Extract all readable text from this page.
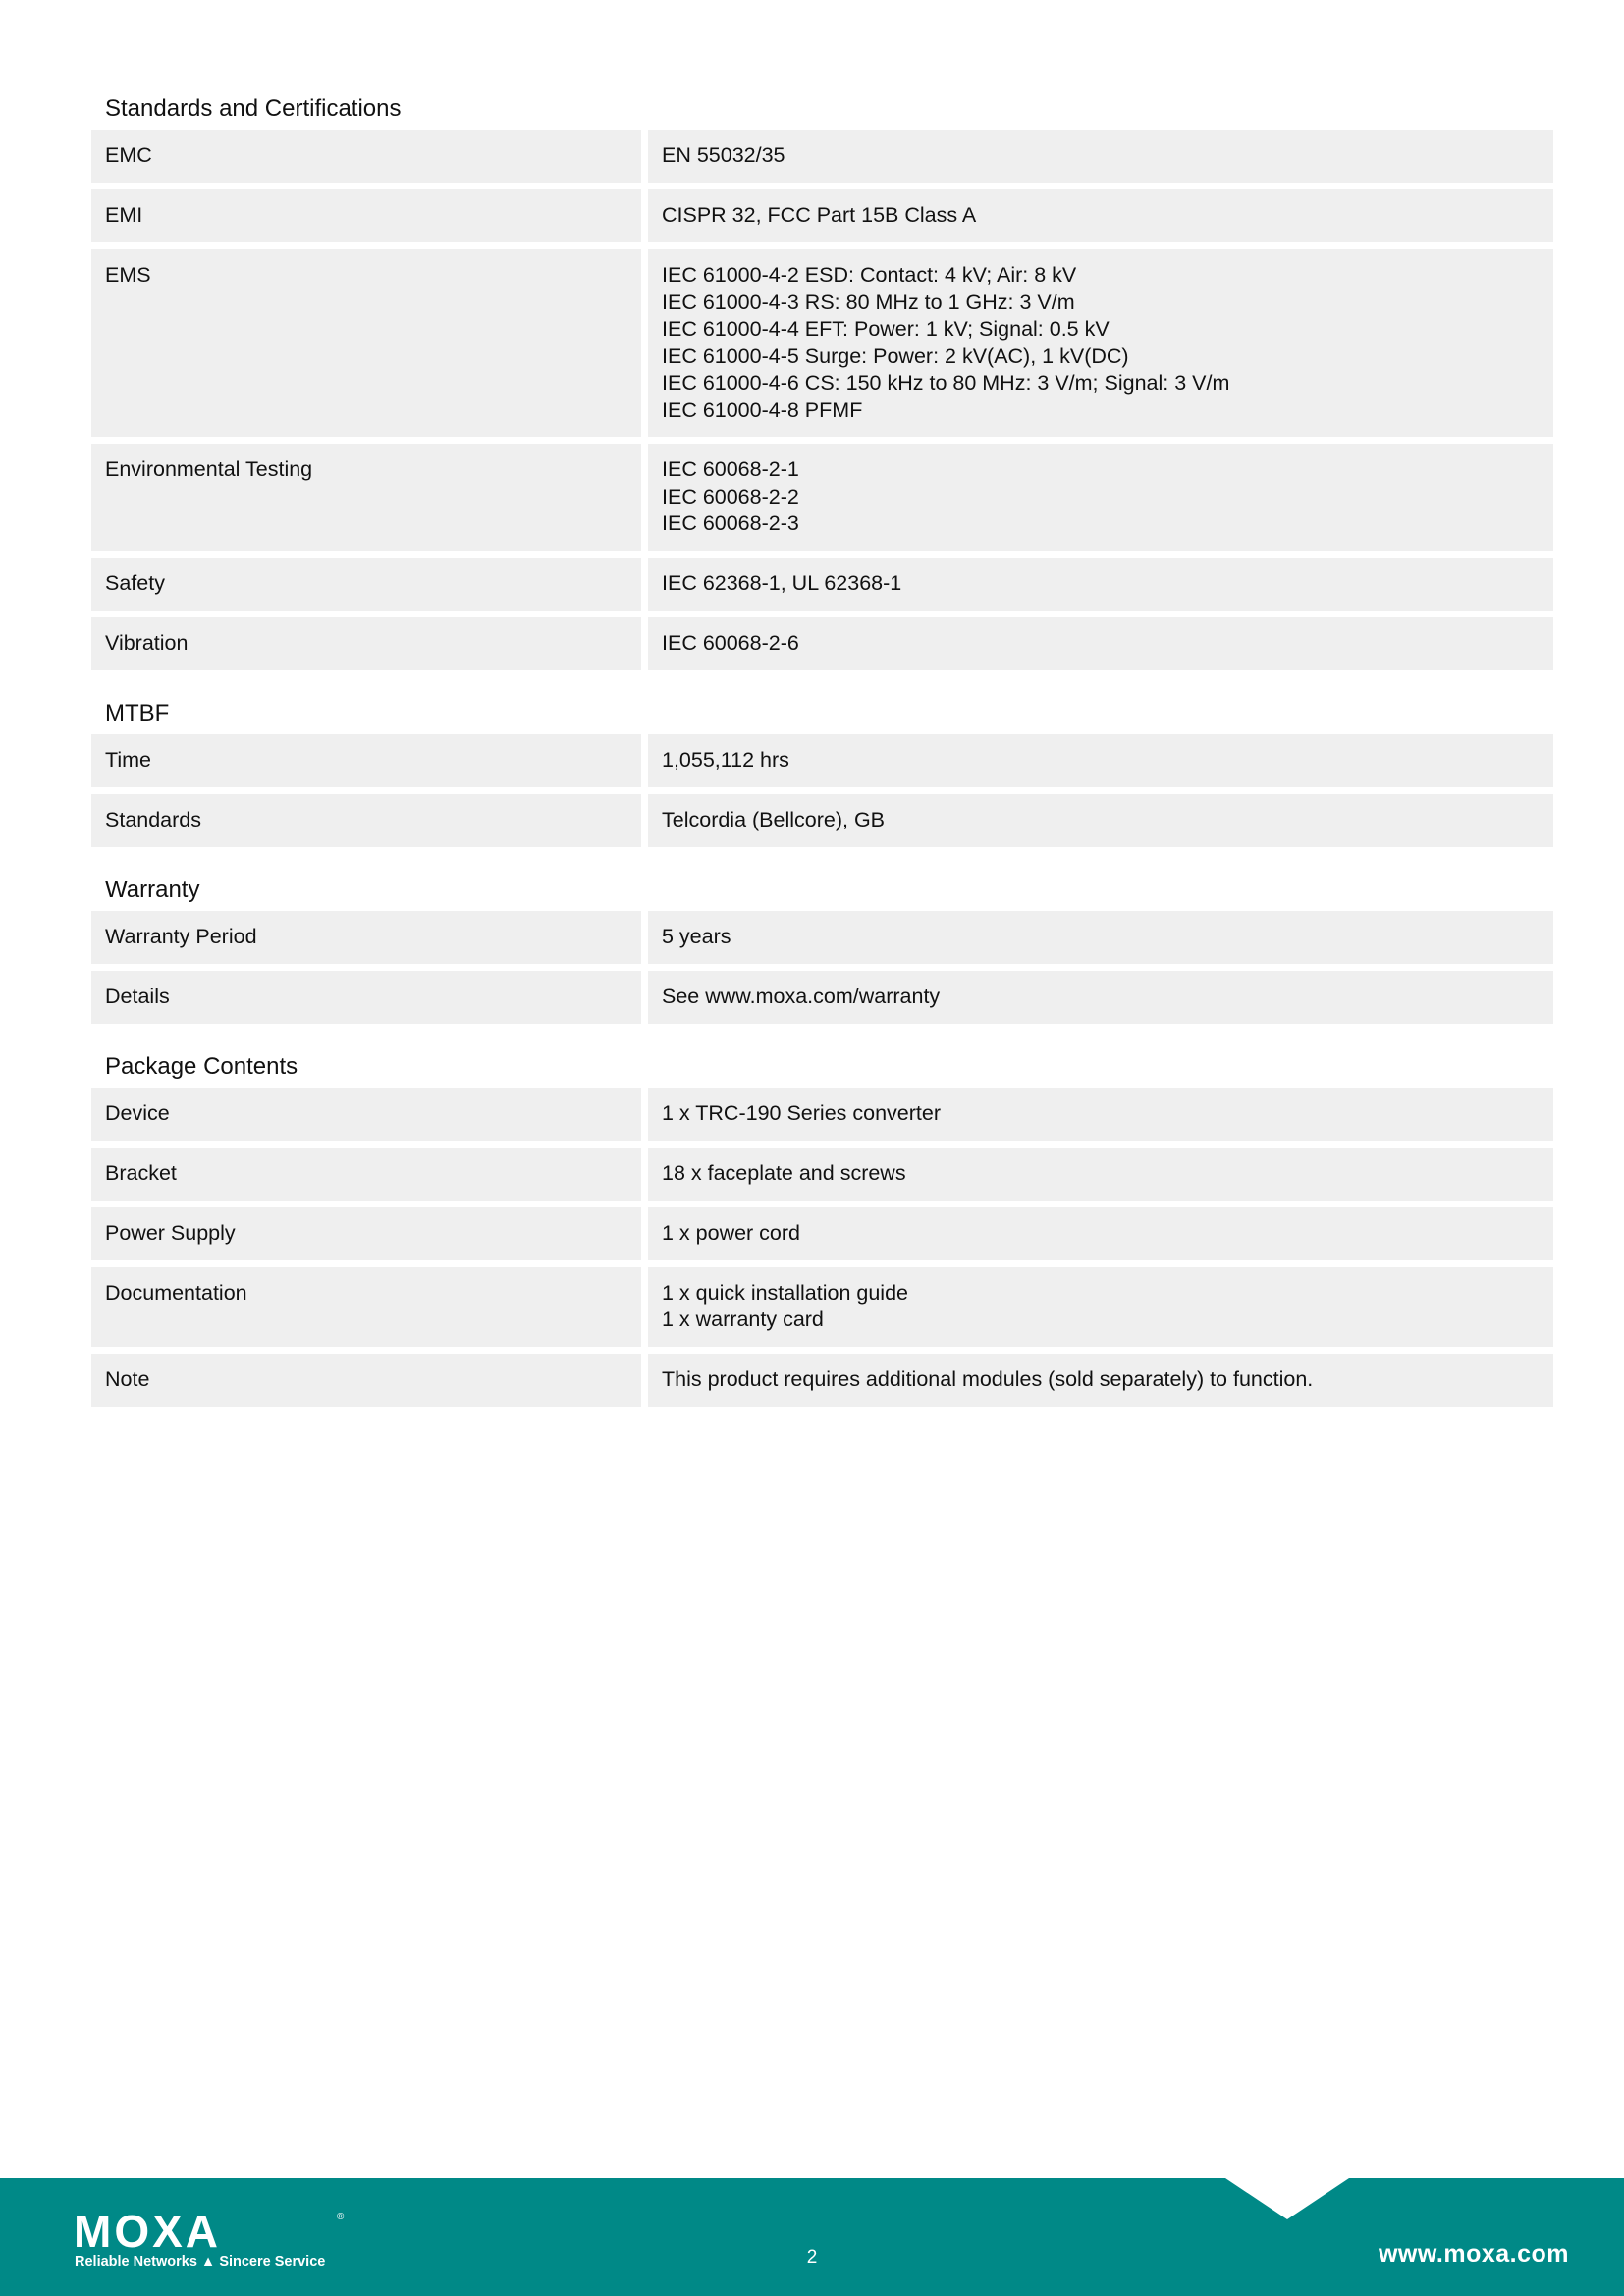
Standards and Certifications
EMC	EN 55032/35
EMI	CISPR 32, FCC Part 15B Class A
EMS	IEC 61000-4-2 ESD: Contact: 4 kV; Air: 8 kV
IEC 61000-4-3 RS: 80 MHz to 1 GHz: 3 V/m
IEC 61000-4-4 EFT: Power: 1 kV; Signal: 0.5 kV
IEC 61000-4-5 Surge: Power: 2 kV(AC), 1 kV(DC)
IEC 61000-4-6 CS: 150 kHz to 80 MHz: 3 V/m; Signal: 3 V/m
IEC 61000-4-8 PFMF
Environmental Testing	IEC 60068-2-1
IEC 60068-2-2
IEC 60068-2-3
Safety	IEC 62368-1, UL 62368-1
Vibration	IEC 60068-2-6
MTBF
Time	1,055,112 hrs
Standards	Telcordia (Bellcore), GB
Warranty
Warranty Period	5 years
Details	See www.moxa.com/warranty
Package Contents
Device	1 x TRC-190 Series converter
Bracket	18 x faceplate and screws
Power Supply	1 x power cord
Documentation	1 x quick installation guide
1 x warranty card
Note	This product requires additional modules (sold separately) to function.
MOXA	®
Reliable Networks ▲ Sincere Service	2	www.moxa.com
